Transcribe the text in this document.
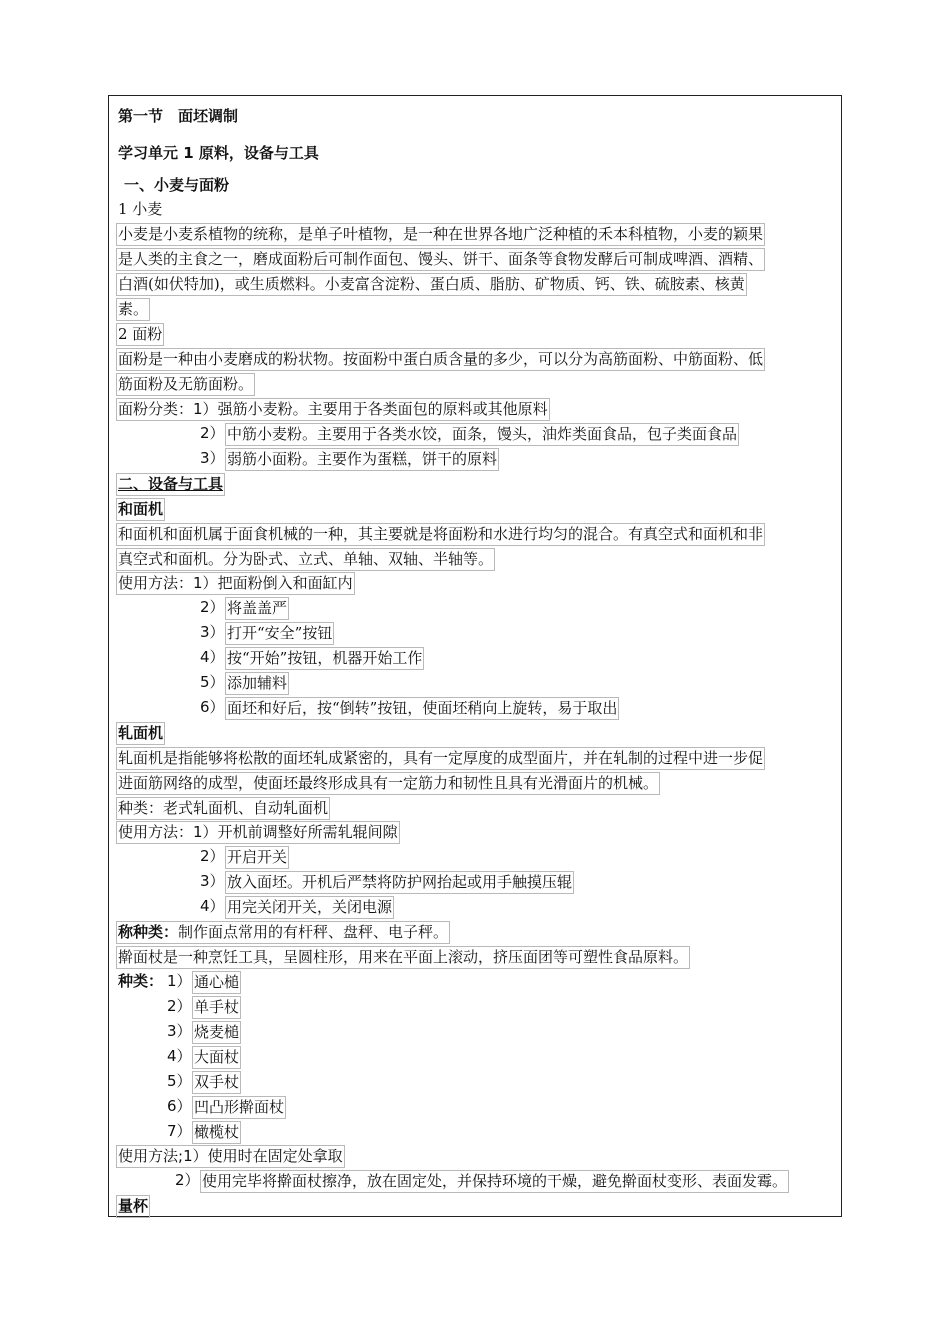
第一节　面坯调制
学习单元 1 原料，设备与工具
一、小麦与面粉
1 小麦
小麦是小麦系植物的统称，是单子叶植物，是一种在世界各地广泛种植的禾本科植物，小麦的颖果
是人类的主食之一，磨成面粉后可制作面包、馒头、饼干、面条等食物发酵后可制成啤酒、酒精、
白酒(如伏特加)，或生质燃料。小麦富含淀粉、蛋白质、脂肪、矿物质、钙、铁、硫胺素、核黄
素。
2 面粉
面粉是一种由小麦磨成的粉状物。按面粉中蛋白质含量的多少，可以分为高筋面粉、中筋面粉、低
筋面粉及无筋面粉。
面粉分类：1）强筋小麦粉。主要用于各类面包的原料或其他原料
2） 中筋小麦粉。主要用于各类水饺，面条，馒头，油炸类面食品，包子类面食品
3） 弱筋小面粉。主要作为蛋糕，饼干的原料
二、设备与工具
和面机
和面机和面机属于面食机械的一种，其主要就是将面粉和水进行均匀的混合。有真空式和面机和非
真空式和面机。分为卧式、立式、单轴、双轴、半轴等。
使用方法：1）把面粉倒入和面缸内
2） 将盖盖严
3） 打开“安全”按钮
4） 按“开始”按钮，机器开始工作
5） 添加辅料
6） 面坯和好后，按“倒转”按钮，使面坯稍向上旋转，易于取出
轧面机
轧面机是指能够将松散的面坯轧成紧密的，具有一定厚度的成型面片，并在轧制的过程中进一步促
进面筋网络的成型，使面坯最终形成具有一定筋力和韧性且具有光滑面片的机械。
种类：老式轧面机、自动轧面机
使用方法：1）开机前调整好所需轧辊间隙
2） 开启开关
3） 放入面坯。开机后严禁将防护网抬起或用手触摸压辊
4） 用完关闭开关，关闭电源
称种类：制作面点常用的有杆秤、盘秤、电子秤。
擀面杖是一种烹饪工具，呈圆柱形，用来在平面上滚动，挤压面团等可塑性食品原料。
种类： 1） 通心槌
2） 单手杖
3） 烧麦槌
4） 大面杖
5） 双手杖
6） 凹凸形擀面杖
7） 橄榄杖
使用方法;1）使用时在固定处拿取
2） 使用完毕将擀面杖擦净，放在固定处，并保持环境的干燥，避免擀面杖变形、表面发霉。
量杯
